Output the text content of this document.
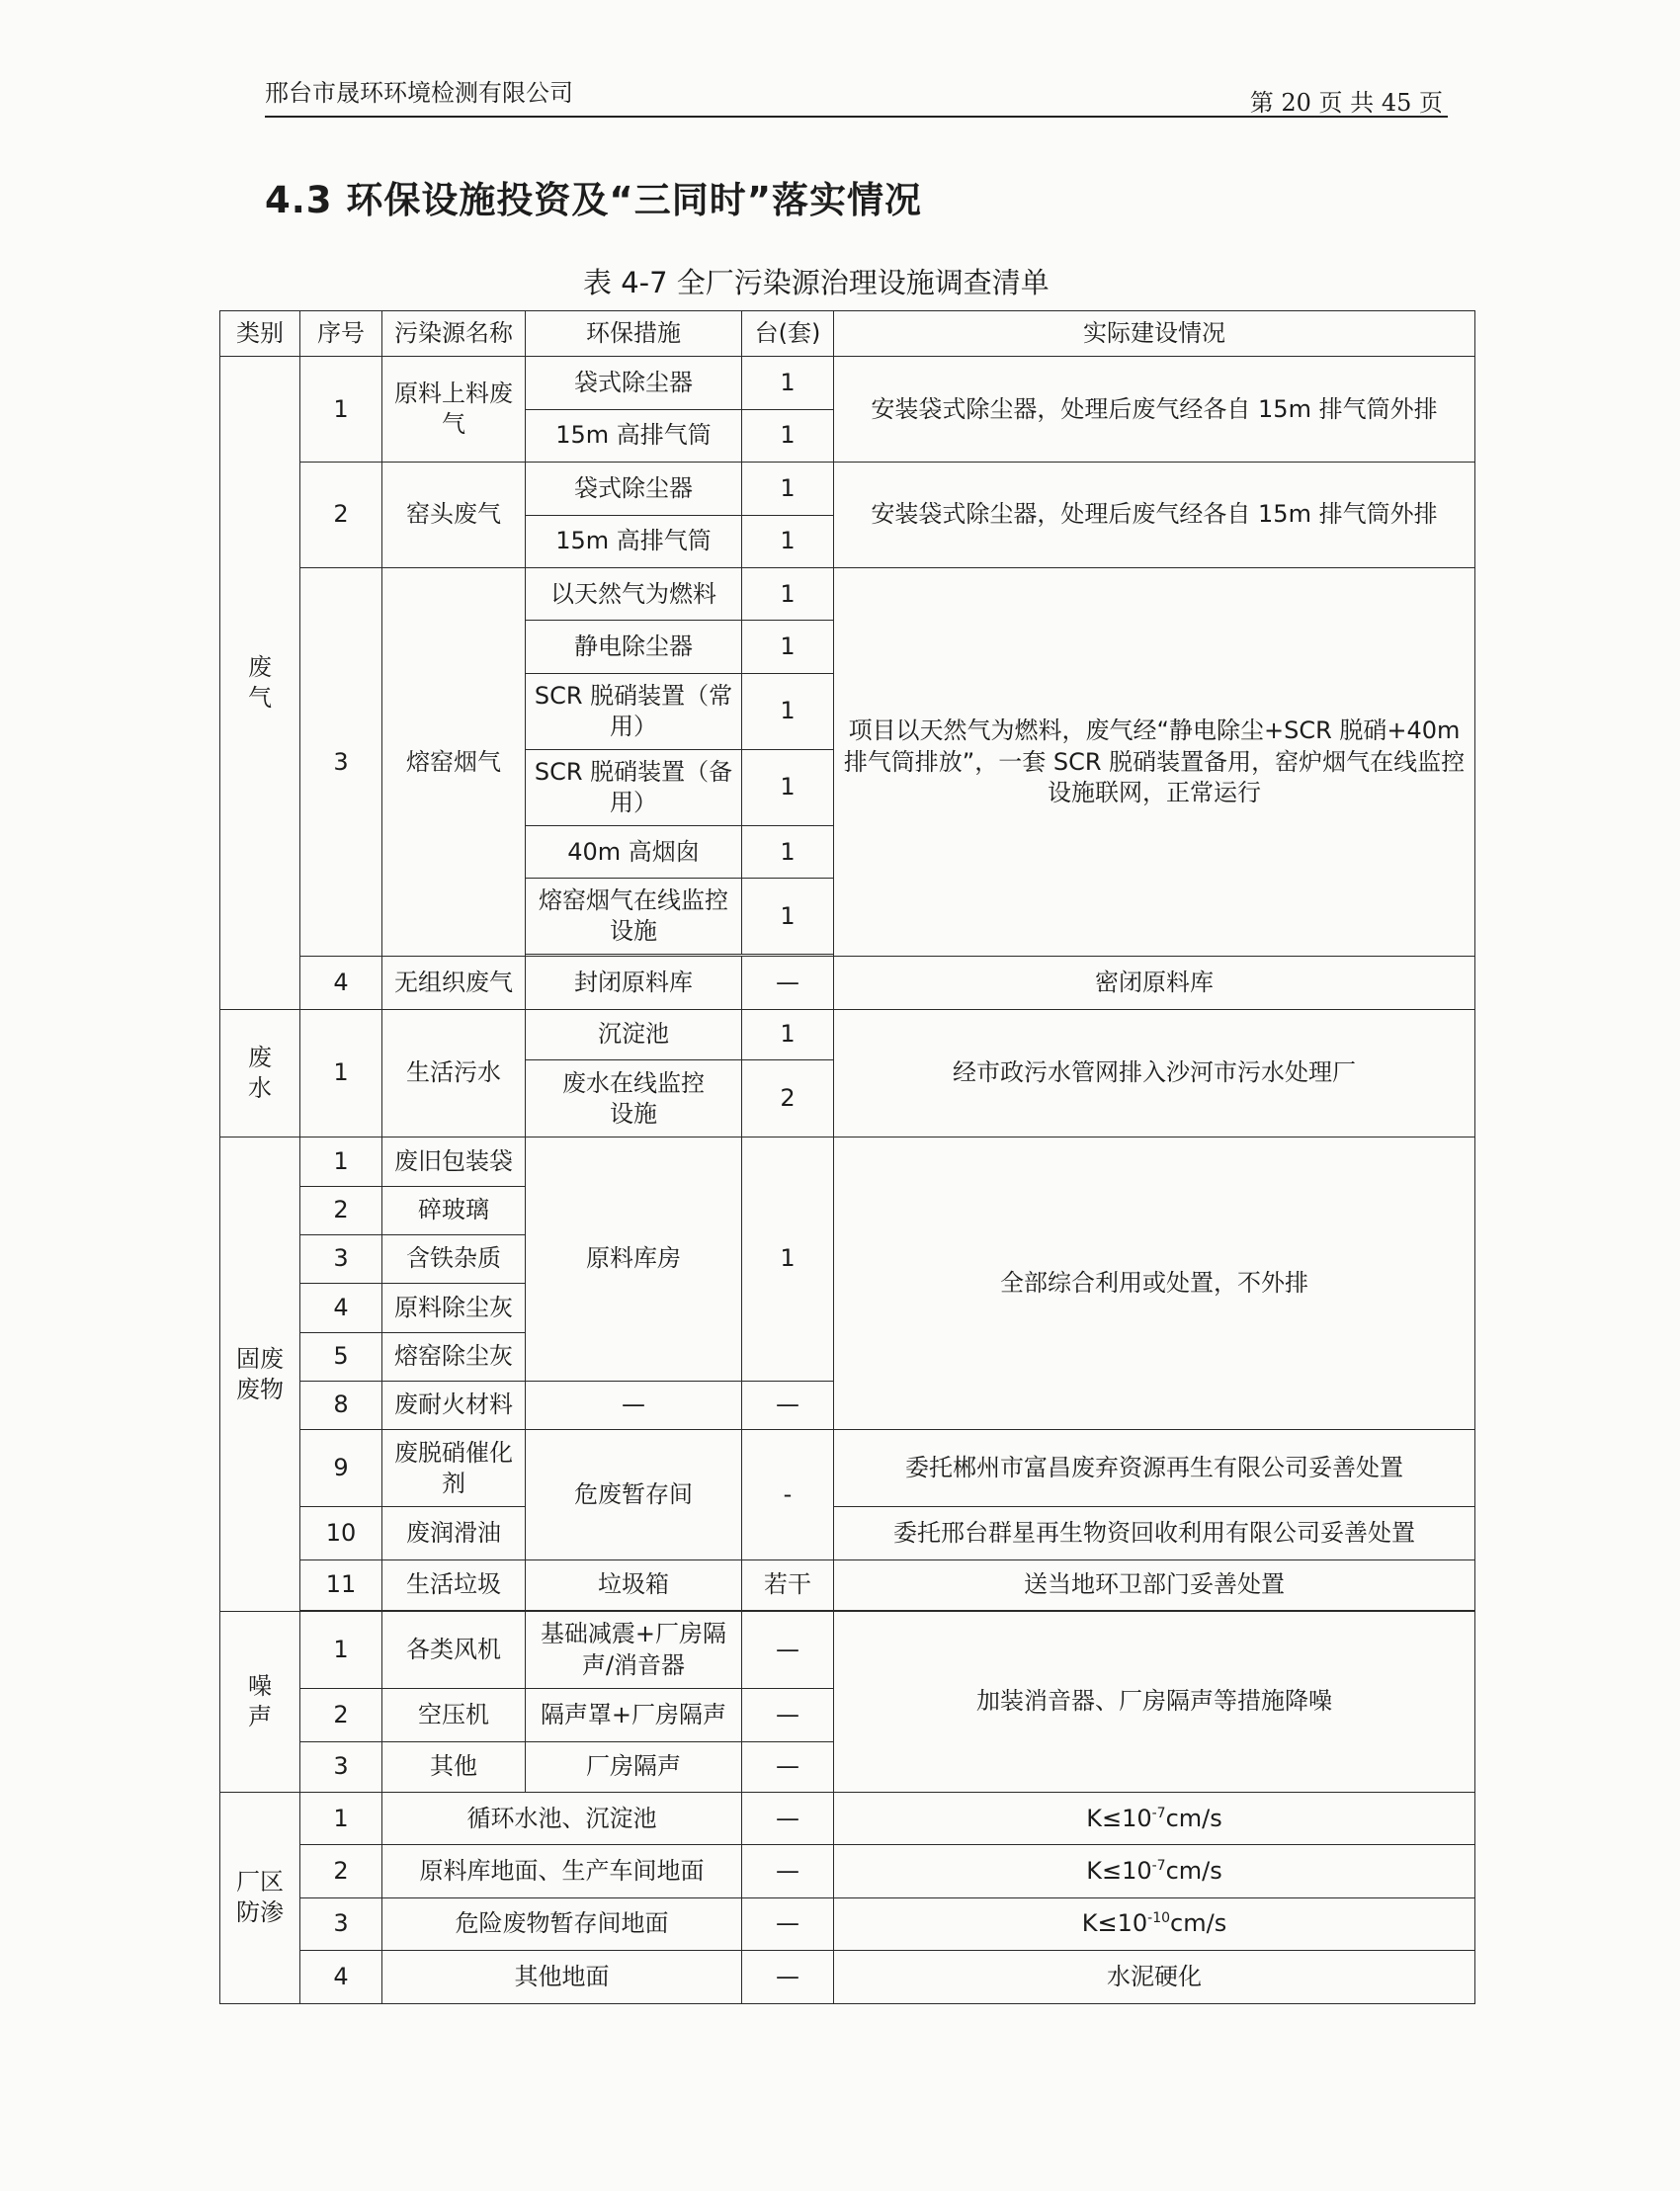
邢台市晟环环境检测有限公司	第 20 页 共 45 页
4.3 环保设施投资及“三同时”落实情况
表 4-7 全厂污染源治理设施调查清单
类别	序号	污染源名称	环保措施	台(套)	实际建设情况
废气	1	原料上料废气	袋式除尘器	1	安装袋式除尘器，处理后废气经各自 15m 排气筒外排
			15m 高排气筒	1	
	2	窑头废气	袋式除尘器	1	安装袋式除尘器，处理后废气经各自 15m 排气筒外排
			15m 高排气筒	1	
	3	熔窑烟气	以天然气为燃料	1	项目以天然气为燃料，废气经“静电除尘+SCR 脱硝+40m 排气筒排放”，一套 SCR 脱硝装置备用，窑炉烟气在线监控设施联网，正常运行
			静电除尘器	1	
			SCR 脱硝装置（常用）	1	
			SCR 脱硝装置（备用）	1	
			40m 高烟囱	1	
			熔窑烟气在线监控设施	1	

	4	无组织废气	封闭原料库	—	密闭原料库
废水	1	生活污水	沉淀池	1	经市政污水管网排入沙河市污水处理厂
			废水在线监控设施	2	
固废废物	1	废旧包装袋	原料库房	1	全部综合利用或处置，不外排
	2	碎玻璃			
	3	含铁杂质			
	4	原料除尘灰			
	5	熔窑除尘灰			
	8	废耐火材料	—	—	
	9	废脱硝催化剂	危废暂存间	-	委托郴州市富昌废弃资源再生有限公司妥善处置
	10	废润滑油			委托邢台群星再生物资回收利用有限公司妥善处置
	11	生活垃圾	垃圾箱	若干	送当地环卫部门妥善处置

噪声	1	各类风机	基础减震+厂房隔声/消音器	—	加装消音器、厂房隔声等措施降噪
	2	空压机	隔声罩+厂房隔声	—	
	3	其他	厂房隔声	—	
厂区防渗	1	循环水池、沉淀池		—	$K\le 10^{-7}cm/s$
	2	原料库地面、生产车间地面		—	$K\le 10^{-7}cm/s$
	3	危险废物暂存间地面		—	$K\le 10^{-10}cm/s$
	4	其他地面		—	水泥硬化
